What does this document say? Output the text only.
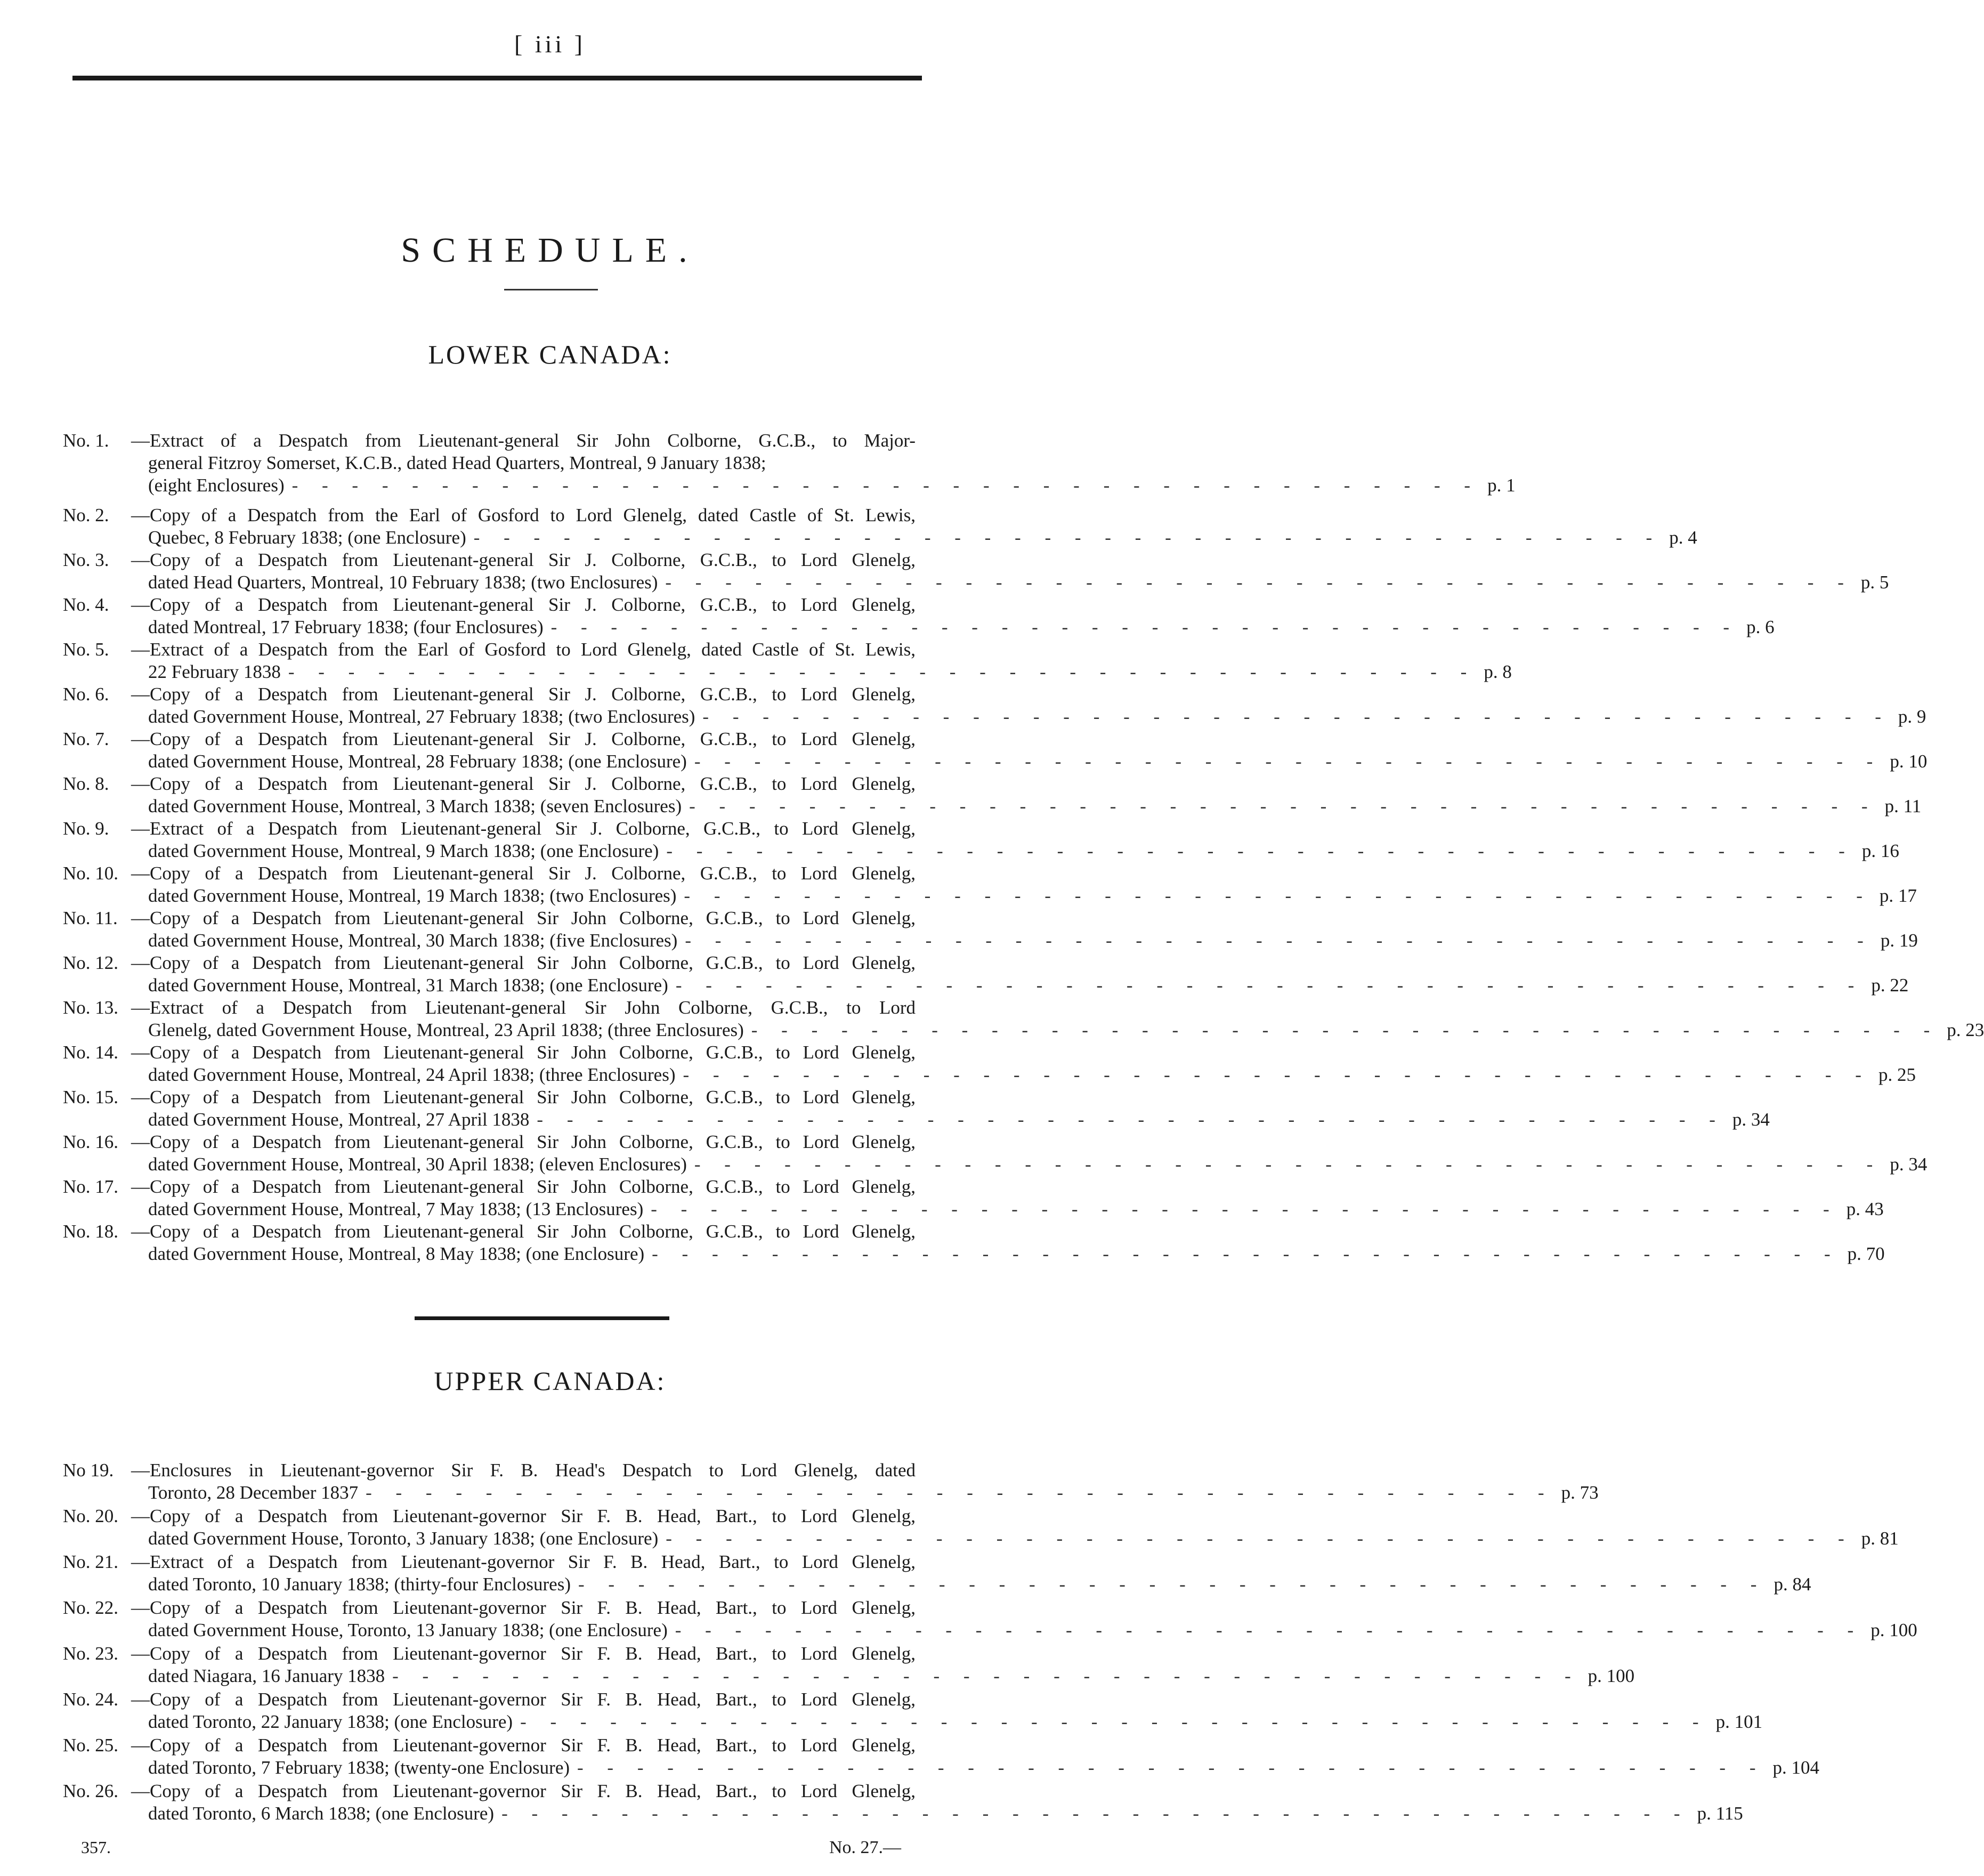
[ iii ]
SCHEDULE.
LOWER CANADA:
No. 1.	—Extract of a Despatch from Lieutenant-general Sir John Colborne, G.C.B., to Major-
general Fitzroy Somerset, K.C.B., dated Head Quarters, Montreal, 9 January 1838;
(eight Enclosures) - - - - - - - - - - - - - - - - - - - - - - - - - - - - - - - - - - - - - - - - p. 1
No. 2.	—Copy of a Despatch from the Earl of Gosford to Lord Glenelg, dated Castle of St. Lewis,
Quebec, 8 February 1838; (one Enclosure) - - - - - - - - - - - - - - - - - - - - - - - - - - - - - - - - - - - - - - - - p. 4
No. 3.	—Copy of a Despatch from Lieutenant-general Sir J. Colborne, G.C.B., to Lord Glenelg,
dated Head Quarters, Montreal, 10 February 1838; (two Enclosures) - - - - - - - - - - - - - - - - - - - - - - - - - - - - - - - - - - - - - - - - p. 5
No. 4.	—Copy of a Despatch from Lieutenant-general Sir J. Colborne, G.C.B., to Lord Glenelg,
dated Montreal, 17 February 1838; (four Enclosures) - - - - - - - - - - - - - - - - - - - - - - - - - - - - - - - - - - - - - - - - p. 6
No. 5.	—Extract of a Despatch from the Earl of Gosford to Lord Glenelg, dated Castle of St. Lewis,
22 February 1838 - - - - - - - - - - - - - - - - - - - - - - - - - - - - - - - - - - - - - - - - p. 8
No. 6.	—Copy of a Despatch from Lieutenant-general Sir J. Colborne, G.C.B., to Lord Glenelg,
dated Government House, Montreal, 27 February 1838; (two Enclosures) - - - - - - - - - - - - - - - - - - - - - - - - - - - - - - - - - - - - - - - - p. 9
No. 7.	—Copy of a Despatch from Lieutenant-general Sir J. Colborne, G.C.B., to Lord Glenelg,
dated Government House, Montreal, 28 February 1838; (one Enclosure) - - - - - - - - - - - - - - - - - - - - - - - - - - - - - - - - - - - - - - - - p. 10
No. 8.	—Copy of a Despatch from Lieutenant-general Sir J. Colborne, G.C.B., to Lord Glenelg,
dated Government House, Montreal, 3 March 1838; (seven Enclosures) - - - - - - - - - - - - - - - - - - - - - - - - - - - - - - - - - - - - - - - - p. 11
No. 9.	—Extract of a Despatch from Lieutenant-general Sir J. Colborne, G.C.B., to Lord Glenelg,
dated Government House, Montreal, 9 March 1838; (one Enclosure) - - - - - - - - - - - - - - - - - - - - - - - - - - - - - - - - - - - - - - - - p. 16
No. 10. —Copy of a Despatch from Lieutenant-general Sir J. Colborne, G.C.B., to Lord Glenelg,
dated Government House, Montreal, 19 March 1838; (two Enclosures) - - - - - - - - - - - - - - - - - - - - - - - - - - - - - - - - - - - - - - - - p. 17
No. 11. —Copy of a Despatch from Lieutenant-general Sir John Colborne, G.C.B., to Lord Glenelg,
dated Government House, Montreal, 30 March 1838; (five Enclosures) - - - - - - - - - - - - - - - - - - - - - - - - - - - - - - - - - - - - - - - - p. 19
No. 12. —Copy of a Despatch from Lieutenant-general Sir John Colborne, G.C.B., to Lord Glenelg,
dated Government House, Montreal, 31 March 1838; (one Enclosure) - - - - - - - - - - - - - - - - - - - - - - - - - - - - - - - - - - - - - - - - p. 22
No. 13. —Extract of a Despatch from Lieutenant-general Sir John Colborne, G.C.B., to Lord
Glenelg, dated Government House, Montreal, 23 April 1838; (three Enclosures) - - - - - - - - - - - - - - - - - - - - - - - - - - - - - - - - - - - - - - - - p. 23
No. 14. —Copy of a Despatch from Lieutenant-general Sir John Colborne, G.C.B., to Lord Glenelg,
dated Government House, Montreal, 24 April 1838; (three Enclosures) - - - - - - - - - - - - - - - - - - - - - - - - - - - - - - - - - - - - - - - - p. 25
No. 15. —Copy of a Despatch from Lieutenant-general Sir John Colborne, G.C.B., to Lord Glenelg,
dated Government House, Montreal, 27 April 1838 - - - - - - - - - - - - - - - - - - - - - - - - - - - - - - - - - - - - - - - - p. 34
No. 16. —Copy of a Despatch from Lieutenant-general Sir John Colborne, G.C.B., to Lord Glenelg,
dated Government House, Montreal, 30 April 1838; (eleven Enclosures) - - - - - - - - - - - - - - - - - - - - - - - - - - - - - - - - - - - - - - - - p. 34
No. 17. —Copy of a Despatch from Lieutenant-general Sir John Colborne, G.C.B., to Lord Glenelg,
dated Government House, Montreal, 7 May 1838; (13 Enclosures) - - - - - - - - - - - - - - - - - - - - - - - - - - - - - - - - - - - - - - - - p. 43
No. 18. —Copy of a Despatch from Lieutenant-general Sir John Colborne, G.C.B., to Lord Glenelg,
dated Government House, Montreal, 8 May 1838; (one Enclosure) - - - - - - - - - - - - - - - - - - - - - - - - - - - - - - - - - - - - - - - - p. 70
UPPER CANADA:
No 19. —Enclosures in Lieutenant-governor Sir F. B. Head's Despatch to Lord Glenelg, dated
Toronto, 28 December 1837 - - - - - - - - - - - - - - - - - - - - - - - - - - - - - - - - - - - - - - - - p. 73
No. 20. —Copy of a Despatch from Lieutenant-governor Sir F. B. Head, Bart., to Lord Glenelg,
dated Government House, Toronto, 3 January 1838; (one Enclosure) - - - - - - - - - - - - - - - - - - - - - - - - - - - - - - - - - - - - - - - - p. 81
No. 21. —Extract of a Despatch from Lieutenant-governor Sir F. B. Head, Bart., to Lord Glenelg,
dated Toronto, 10 January 1838; (thirty-four Enclosures) - - - - - - - - - - - - - - - - - - - - - - - - - - - - - - - - - - - - - - - - p. 84
No. 22. —Copy of a Despatch from Lieutenant-governor Sir F. B. Head, Bart., to Lord Glenelg,
dated Government House, Toronto, 13 January 1838; (one Enclosure) - - - - - - - - - - - - - - - - - - - - - - - - - - - - - - - - - - - - - - - - p. 100
No. 23. —Copy of a Despatch from Lieutenant-governor Sir F. B. Head, Bart., to Lord Glenelg,
dated Niagara, 16 January 1838 - - - - - - - - - - - - - - - - - - - - - - - - - - - - - - - - - - - - - - - - p. 100
No. 24. —Copy of a Despatch from Lieutenant-governor Sir F. B. Head, Bart., to Lord Glenelg,
dated Toronto, 22 January 1838; (one Enclosure) - - - - - - - - - - - - - - - - - - - - - - - - - - - - - - - - - - - - - - - - p. 101
No. 25. —Copy of a Despatch from Lieutenant-governor Sir F. B. Head, Bart., to Lord Glenelg,
dated Toronto, 7 February 1838; (twenty-one Enclosure) - - - - - - - - - - - - - - - - - - - - - - - - - - - - - - - - - - - - - - - - p. 104
No. 26. —Copy of a Despatch from Lieutenant-governor Sir F. B. Head, Bart., to Lord Glenelg,
dated Toronto, 6 March 1838; (one Enclosure) - - - - - - - - - - - - - - - - - - - - - - - - - - - - - - - - - - - - - - - - p. 115
357.	No. 27.—
